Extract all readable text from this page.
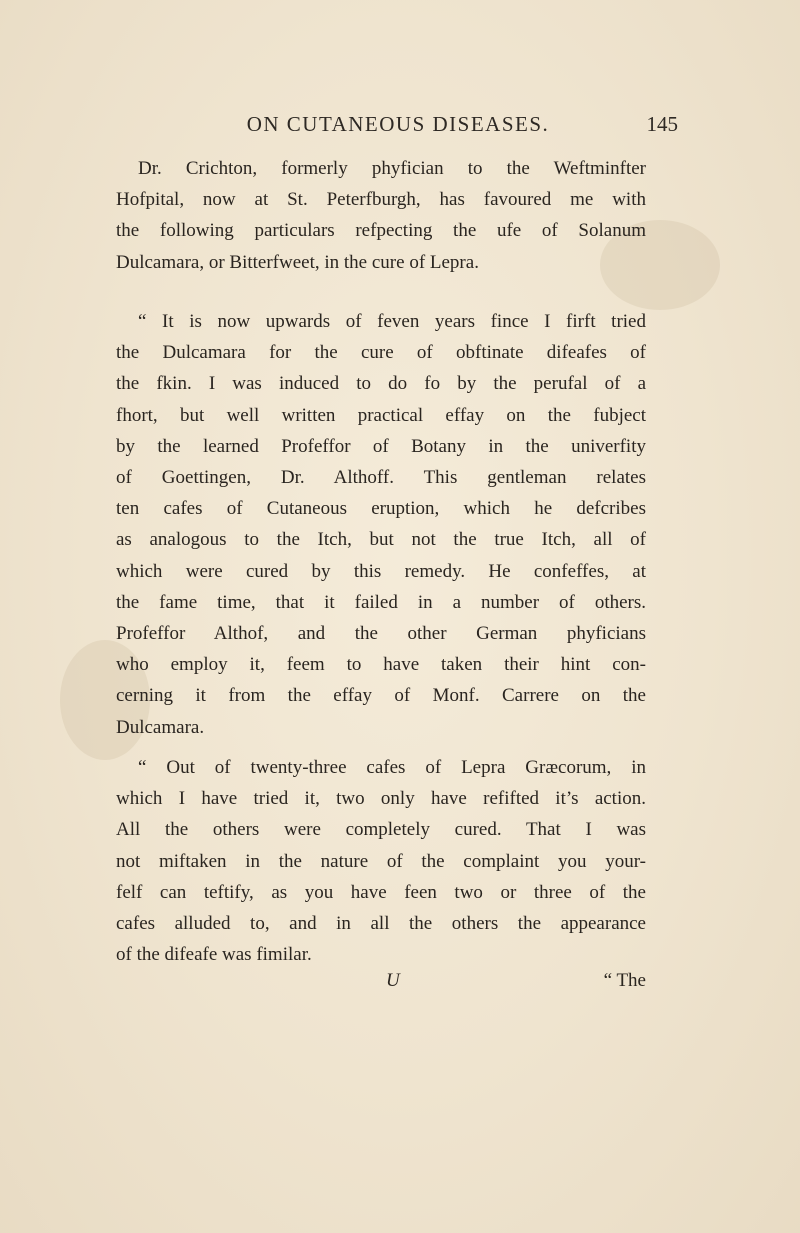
ON CUTANEOUS DISEASES.	145
Dr. Crichton, formerly phyfician to the Weftminfter
Hofpital, now at St. Peterfburgh, has favoured me with
the following particulars refpecting the ufe of Solanum
Dulcamara, or Bitterfweet, in the cure of Lepra.
“ It is now upwards of feven years fince I firft tried
the Dulcamara for the cure of obftinate difeafes of
the fkin. I was induced to do fo by the perufal of a
fhort, but well written practical effay on the fubject
by the learned Profeffor of Botany in the univerfity
of Goettingen, Dr. Althoff. This gentleman relates
ten cafes of Cutaneous eruption, which he defcribes
as analogous to the Itch, but not the true Itch, all of
which were cured by this remedy. He confeffes, at
the fame time, that it failed in a number of others.
Profeffor Althof, and the other German phyficians
who employ it, feem to have taken their hint con-
cerning it from the effay of Monf. Carrere on the
Dulcamara.
“ Out of twenty-three cafes of Lepra Græcorum, in
which I have tried it, two only have refifted it’s action.
All the others were completely cured. That I was
not miftaken in the nature of the complaint you your-
felf can teftify, as you have feen two or three of the
cafes alluded to, and in all the others the appearance
of the difeafe was fimilar.
U	“ The
